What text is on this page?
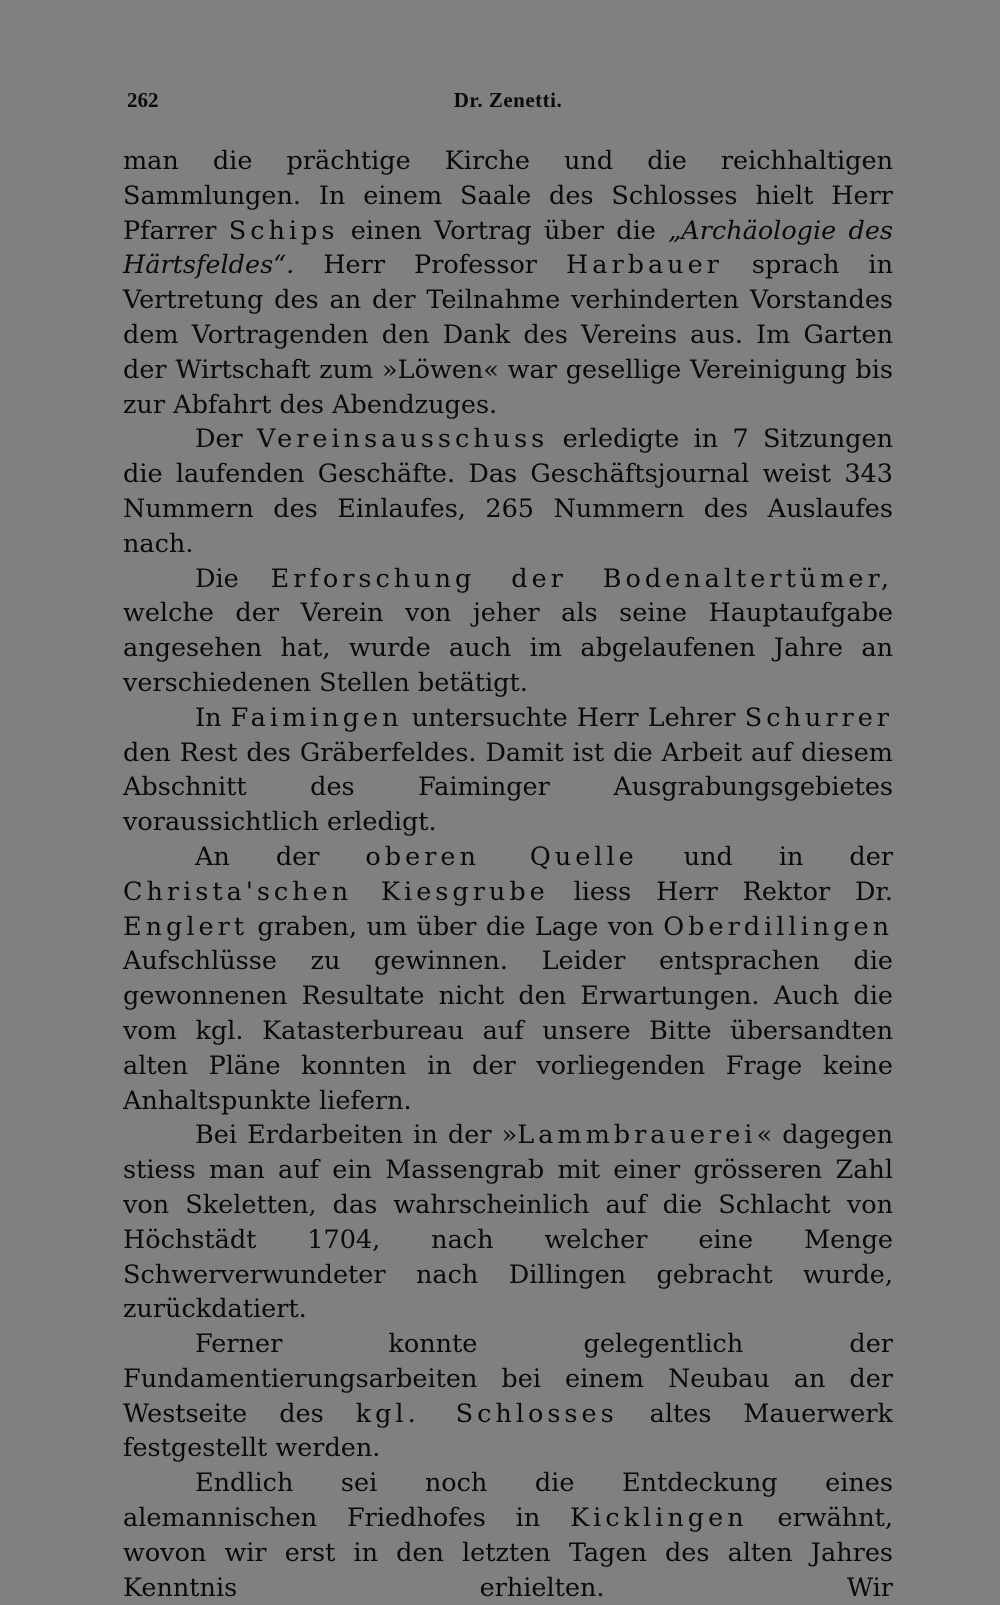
262	Dr. Zenetti.

man die prächtige Kirche und die reichhaltigen Sammlungen. In einem Saale des Schlosses hielt Herr Pfarrer Schips einen Vortrag über die „Archäologie des Härtsfeldes“. Herr Professor Harbauer sprach in Vertretung des an der Teilnahme verhinderten Vorstandes dem Vortragenden den Dank des Vereins aus. Im Garten der Wirtschaft zum »Löwen« war gesellige Vereinigung bis zur Abfahrt des Abendzuges.

Der Vereinsausschuss erledigte in 7 Sitzungen die laufenden Geschäfte. Das Geschäftsjournal weist 343 Nummern des Einlaufes, 265 Nummern des Auslaufes nach.

Die Erforschung der Bodenaltertümer, welche der Verein von jeher als seine Hauptaufgabe angesehen hat, wurde auch im abgelaufenen Jahre an verschiedenen Stellen betätigt.

In Faimingen untersuchte Herr Lehrer Schurrer den Rest des Gräberfeldes. Damit ist die Arbeit auf diesem Abschnitt des Faiminger Ausgrabungsgebietes voraussichtlich erledigt.

An der oberen Quelle und in der Christa'schen Kiesgrube liess Herr Rektor Dr. Englert graben, um über die Lage von Oberdillingen Aufschlüsse zu gewinnen. Leider entsprachen die gewonnenen Resultate nicht den Erwartungen. Auch die vom kgl. Katasterbureau auf unsere Bitte übersandten alten Pläne konnten in der vorliegenden Frage keine Anhaltspunkte liefern.

Bei Erdarbeiten in der »Lammbrauerei« dagegen stiess man auf ein Massengrab mit einer grösseren Zahl von Skeletten, das wahrscheinlich auf die Schlacht von Höchstädt 1704, nach welcher eine Menge Schwerverwundeter nach Dillingen gebracht wurde, zurückdatiert.

Ferner konnte gelegentlich der Fundamentierungsarbeiten bei einem Neubau an der Westseite des kgl. Schlosses altes Mauerwerk festgestellt werden.

Endlich sei noch die Entdeckung eines alemannischen Friedhofes in Kicklingen erwähnt, wovon wir erst in den letzten Tagen des alten Jahres Kenntnis erhielten. Wir
